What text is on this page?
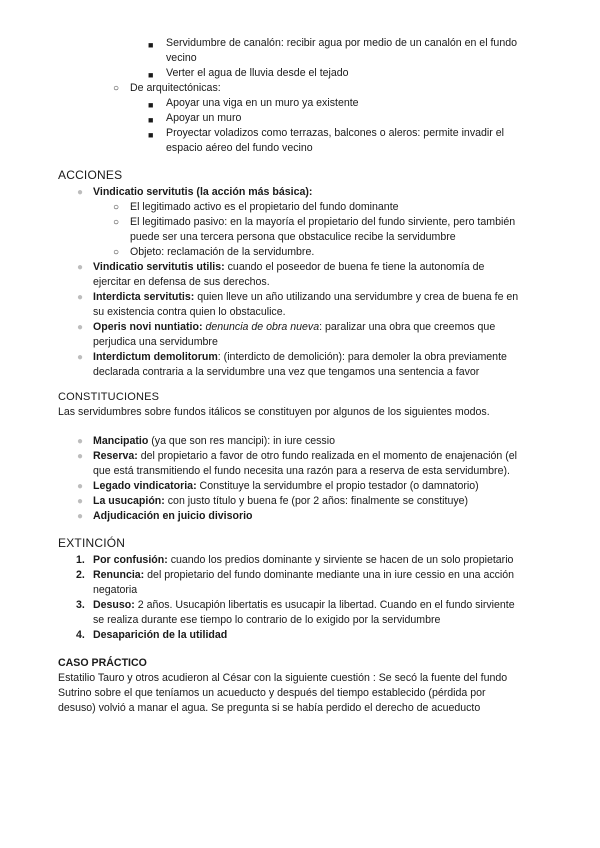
■ Servidumbre de canalón: recibir agua por medio de un canalón en el fundo
vecino
■ Verter el agua de lluvia desde el tejado
○ De arquitectónicas:
■ Apoyar una viga en un muro ya existente
■ Apoyar un muro
■ Proyectar voladizos como terrazas, balcones o aleros: permite invadir el
espacio aéreo del fundo vecino
ACCIONES
● Vindicatio servitutis (la acción más básica):
○ El legitimado activo es el propietario del fundo dominante
○ El legitimado pasivo: en la mayoría el propietario del fundo sirviente, pero también
puede ser una tercera persona que obstaculice recibe la servidumbre
○ Objeto: reclamación de la servidumbre.
● Vindicatio servitutis utilis: cuando el poseedor de buena fe tiene la autonomía de
ejercitar en defensa de sus derechos.
● Interdicta servitutis: quien lleve un año utilizando una servidumbre y crea de buena fe en
su existencia contra quien lo obstaculice.
● Operis novi nuntiatio: denuncia de obra nueva: paralizar una obra que creemos que
perjudica una servidumbre
● Interdictum demolitorum: (interdicto de demolición): para demoler la obra previamente
declarada contraria a la servidumbre una vez que tengamos una sentencia a favor
CONSTITUCIONES
Las servidumbres sobre fundos itálicos se constituyen por algunos de los siguientes modos.
● Mancipatio (ya que son res mancipi): in iure cessio
● Reserva: del propietario a favor de otro fundo realizada en el momento de enajenación (el
que está transmitiendo el fundo necesita una razón para a reserva de esta servidumbre).
● Legado vindicatoria: Constituye la servidumbre el propio testador (o damnatorio)
● La usucapión: con justo título y buena fe (por 2 años: finalmente se constituye)
● Adjudicación en juicio divisorio
EXTINCIÓN
1. Por confusión: cuando los predios dominante y sirviente se hacen de un solo propietario
2. Renuncia: del propietario del fundo dominante mediante una in iure cessio en una acción
negatoria
3. Desuso: 2 años. Usucapión libertatis es usucapir la libertad. Cuando en el fundo sirviente
se realiza durante ese tiempo lo contrario de lo exigido por la servidumbre
4. Desaparición de la utilidad
CASO PRÁCTICO
Estatilio Tauro y otros acudieron al César con la siguiente cuestión : Se secó la fuente del fundo
Sutrino sobre el que teníamos un acueducto y después del tiempo establecido (pérdida por
desuso) volvió a manar el agua. Se pregunta si se había perdido el derecho de acueducto
